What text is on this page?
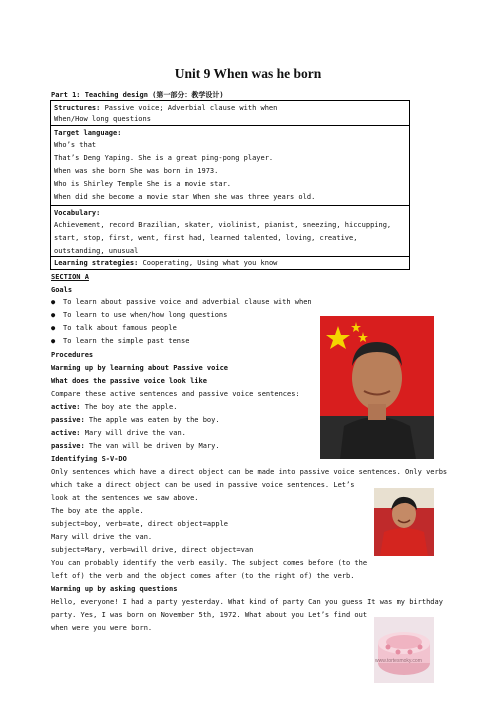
Unit 9 When was he born
Part 1: Teaching design (第一部分：教学设计)
Structures: Passive voice; Adverbial clause with when
When/How long questions
Target language:
Who’s that
That’s Deng Yaping. She is a great ping-pong player.
When was she born She was born in 1973.
Who is Shirley Temple She is a movie star.
When did she become a movie star When she was three years old.
Vocabulary:
Achievement, record Brazilian, skater, violinist, pianist, sneezing, hiccupping,
start, stop, first, went, first had, learned talented, loving, creative,
outstanding, unusual
Learning strategies: Cooperating, Using what you know
SECTION A
Goals
● To learn about passive voice and adverbial clause with when
● To learn to use when/how long questions
● To talk about famous people
● To learn the simple past tense
Procedures
Warming up by learning about Passive voice
What does the passive voice look like
Compare these active sentences and passive voice sentences:
active: The boy ate the apple.
passive: The apple was eaten by the boy.
active: Mary will drive the van.
passive: The van will be driven by Mary.
Identifying S-V-DO
Only sentences which have a direct object can be made into passive voice sentences. Only verbs
which take a direct object can be used in passive voice sentences. Let’s
look at the sentences we saw above.
The boy ate the apple.
subject=boy, verb=ate, direct object=apple
Mary will drive the van.
subject=Mary, verb=will drive, direct object=van
You can probably identify the verb easily. The subject comes before (to the
left of) the verb and the object comes after (to the right of) the verb.
Warming up by asking questions
Hello, everyone! I had a party yesterday. What kind of party Can you guess It was my birthday
party. Yes, I was born on November 5th, 1972. What about you Let’s find out
when were you were born.
www.tortesmoky.com
